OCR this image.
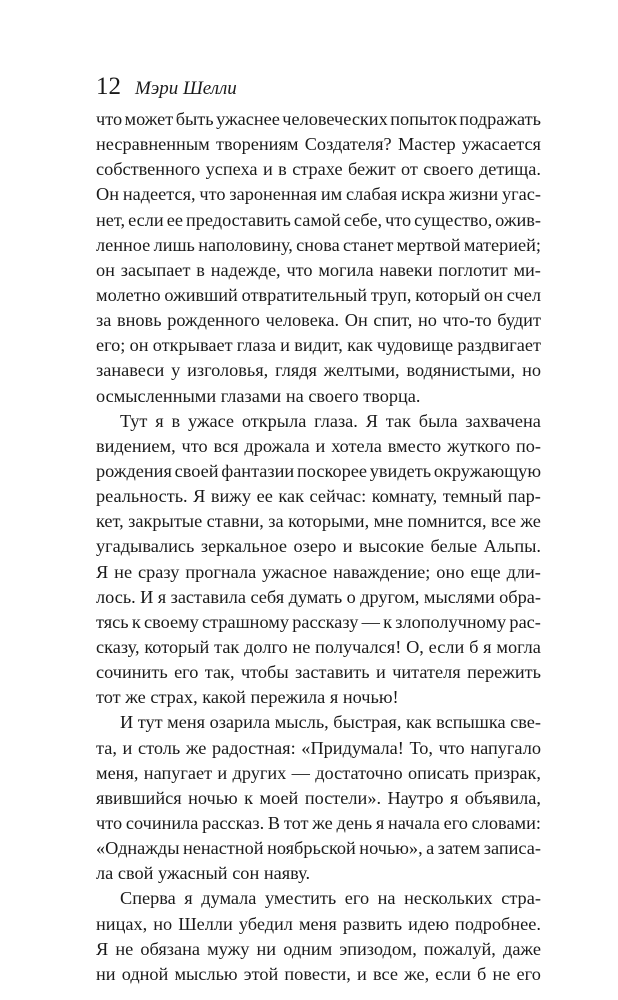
12 Мэри Шелли
что может быть ужаснее человеческих попыток подражать
несравненным творениям Создателя? Мастер ужасается
собственного успеха и в страхе бежит от своего детища.
Он надеется, что зароненная им слабая искра жизни угас-
нет, если ее предоставить самой себе, что существо, ожив-
ленное лишь наполовину, снова станет мертвой материей;
он засыпает в надежде, что могила навеки поглотит ми-
молетно оживший отвратительный труп, который он счел
за вновь рожденного человека. Он спит, но что-то будит
его; он открывает глаза и видит, как чудовище раздвигает
занавеси у изголовья, глядя желтыми, водянистыми, но
осмысленными глазами на своего творца.
Тут я в ужасе открыла глаза. Я так была захвачена
видением, что вся дрожала и хотела вместо жуткого по-
рождения своей фантазии поскорее увидеть окружающую
реальность. Я вижу ее как сейчас: комнату, темный пар-
кет, закрытые ставни, за которыми, мне помнится, все же
угадывались зеркальное озеро и высокие белые Альпы.
Я не сразу прогнала ужасное наваждение; оно еще дли-
лось. И я заставила себя думать о другом, мыслями обра-
тясь к своему страшному рассказу — к злополучному рас-
сказу, который так долго не получался! О, если б я могла
сочинить его так, чтобы заставить и читателя пережить
тот же страх, какой пережила я ночью!
И тут меня озарила мысль, быстрая, как вспышка све-
та, и столь же радостная: «Придумала! То, что напугало
меня, напугает и других — достаточно описать призрак,
явившийся ночью к моей постели». Наутро я объявила,
что сочинила рассказ. В тот же день я начала его словами:
«Однажды ненастной ноябрьской ночью», а затем записа-
ла свой ужасный сон наяву.
Сперва я думала уместить его на нескольких стра-
ницах, но Шелли убедил меня развить идею подробнее.
Я не обязана мужу ни одним эпизодом, пожалуй, даже
ни одной мыслью этой повести, и все же, если б не его
